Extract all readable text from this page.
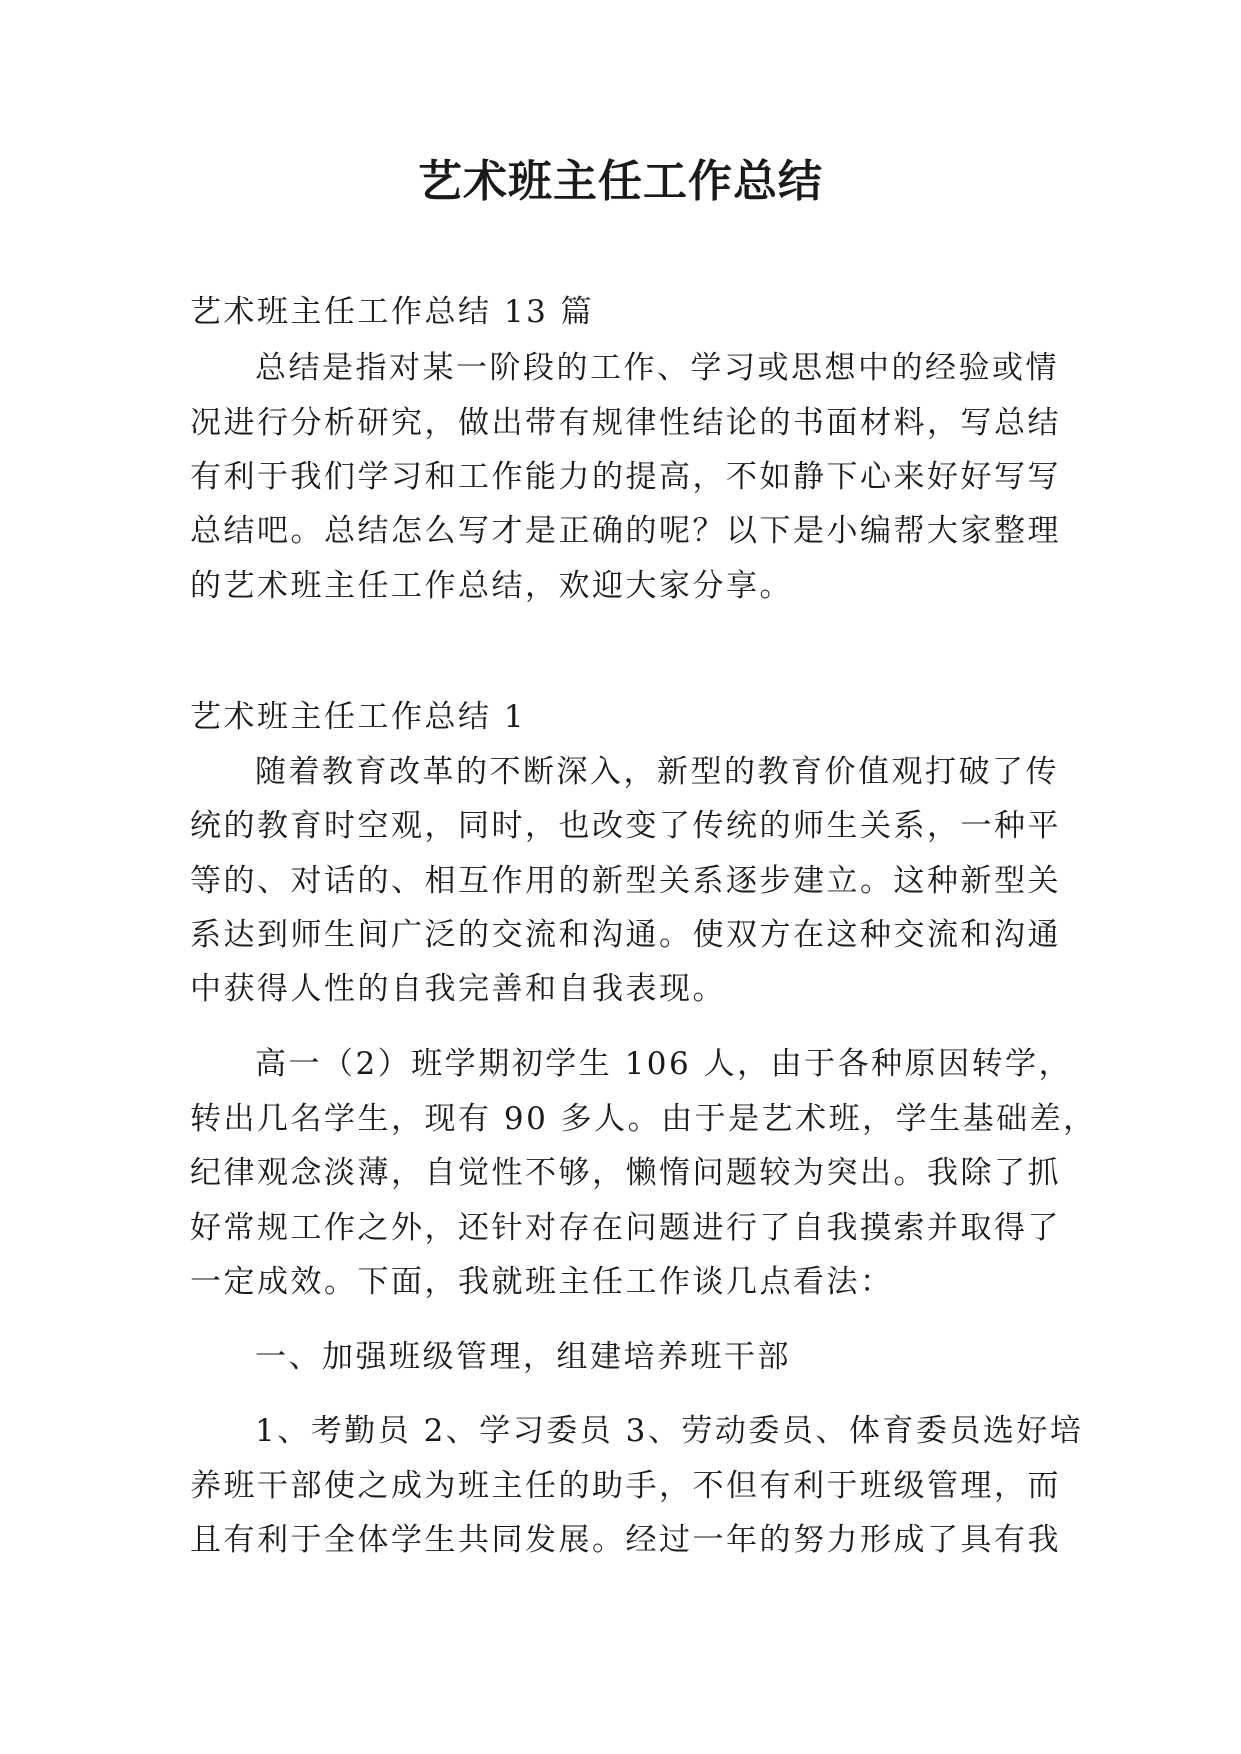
艺术班主任工作总结

艺术班主任工作总结 13 篇

总结是指对某一阶段的工作、学习或思想中的经验或情

况进行分析研究，做出带有规律性结论的书面材料，写总结

有利于我们学习和工作能力的提高，不如静下心来好好写写

总结吧。总结怎么写才是正确的呢？以下是小编帮大家整理

的艺术班主任工作总结，欢迎大家分享。

艺术班主任工作总结 1

随着教育改革的不断深入，新型的教育价值观打破了传

统的教育时空观，同时，也改变了传统的师生关系，一种平

等的、对话的、相互作用的新型关系逐步建立。这种新型关

系达到师生间广泛的交流和沟通。使双方在这种交流和沟通

中获得人性的自我完善和自我表现。

高一（2）班学期初学生 106 人，由于各种原因转学，

转出几名学生，现有 90 多人。由于是艺术班，学生基础差，

纪律观念淡薄，自觉性不够，懒惰问题较为突出。我除了抓

好常规工作之外，还针对存在问题进行了自我摸索并取得了

一定成效。下面，我就班主任工作谈几点看法：

一、加强班级管理，组建培养班干部

1、考勤员 2、学习委员 3、劳动委员、体育委员选好培

养班干部使之成为班主任的助手，不但有利于班级管理，而

且有利于全体学生共同发展。经过一年的努力形成了具有我
